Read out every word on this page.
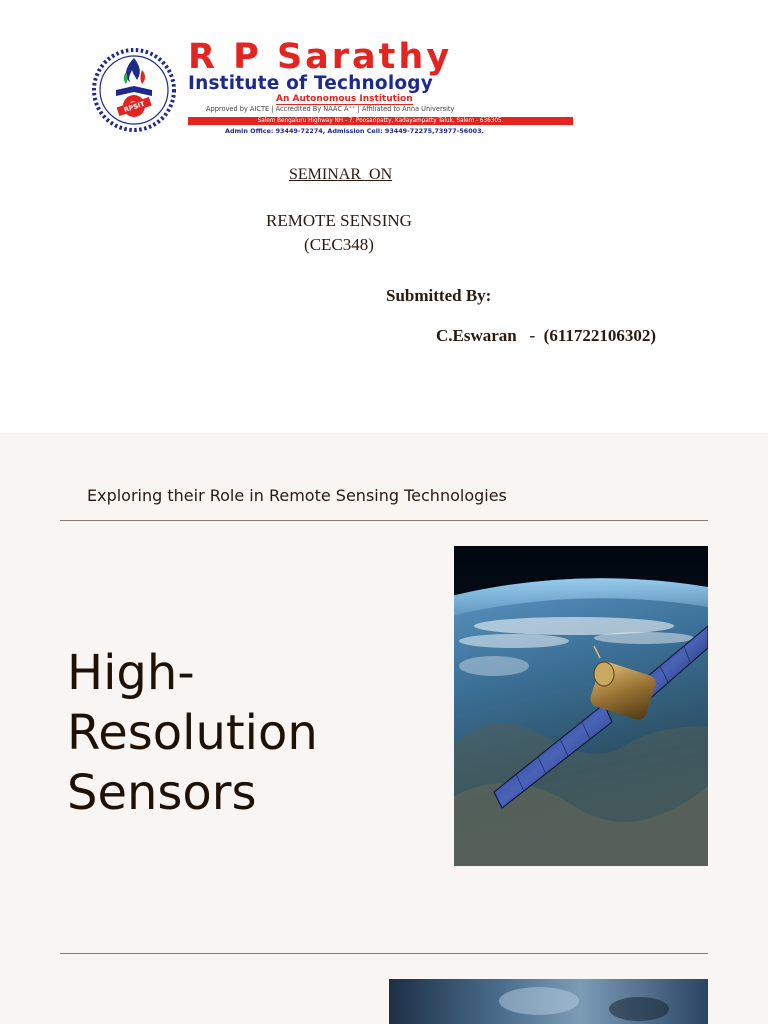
RPSIT
R P Sarathy
Institute of Technology
An Autonomous Institution
Approved by AICTE | Accredited By NAAC A⁺⁺ | Affiliated to Anna University
Salem Bengaluru Highway NH - 7, Poosaripatty, Kadayampatty Taluk, Salem - 636305.
Admin Office: 93449-72274, Admission Cell: 93449-72275,73977-56003.
SEMINAR  ON
REMOTE SENSING
(CEC348)
Submitted By:
C.Eswaran   -  (611722106302)
Exploring their Role in Remote Sensing Technologies
High-Resolution Sensors
